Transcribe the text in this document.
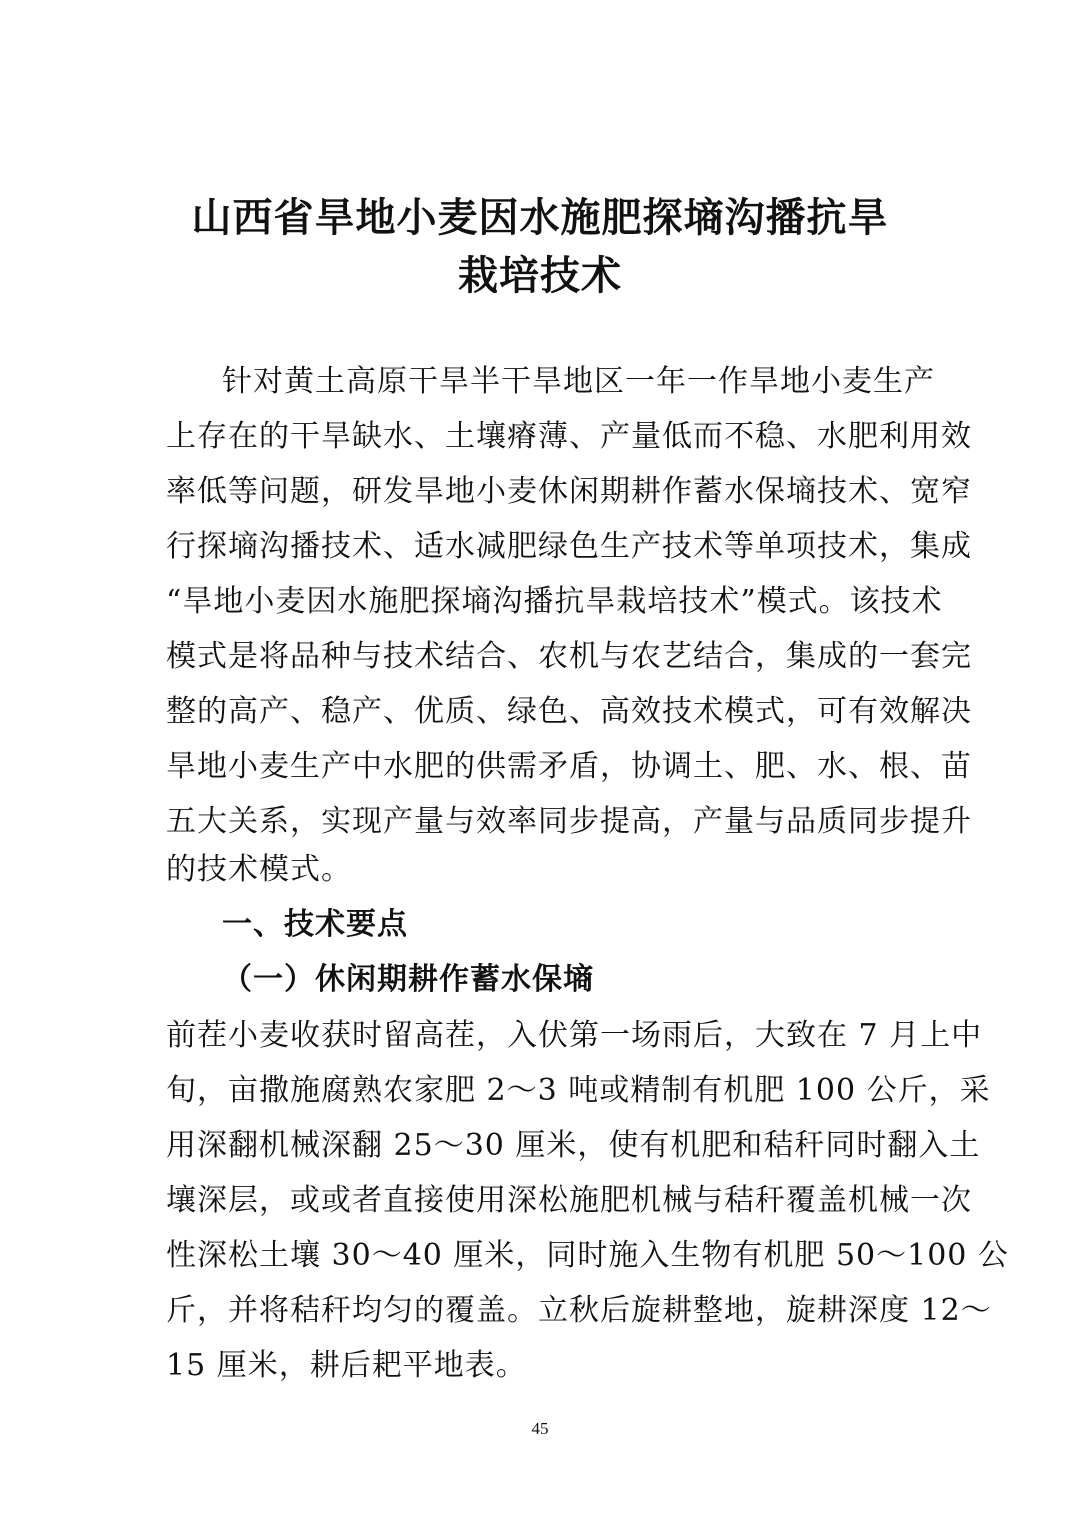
山西省旱地小麦因水施肥探墒沟播抗旱
栽培技术

针对黄土高原干旱半干旱地区一年一作旱地小麦生产

上存在的干旱缺水、土壤瘠薄、产量低而不稳、水肥利用效

率低等问题，研发旱地小麦休闲期耕作蓄水保墒技术、宽窄

行探墒沟播技术、适水减肥绿色生产技术等单项技术，集成

“旱地小麦因水施肥探墒沟播抗旱栽培技术”模式。该技术

模式是将品种与技术结合、农机与农艺结合，集成的一套完

整的高产、稳产、优质、绿色、高效技术模式，可有效解决

旱地小麦生产中水肥的供需矛盾，协调土、肥、水、根、苗

五大关系，实现产量与效率同步提高，产量与品质同步提升

的技术模式。

一、技术要点
（一）休闲期耕作蓄水保墒

前茬小麦收获时留高茬，入伏第一场雨后，大致在 7 月上中

旬，亩撒施腐熟农家肥 2～3 吨或精制有机肥 100 公斤，采

用深翻机械深翻 25～30 厘米，使有机肥和秸秆同时翻入土

壤深层，或或者直接使用深松施肥机械与秸秆覆盖机械一次

性深松土壤 30～40 厘米，同时施入生物有机肥 50～100 公

斤，并将秸秆均匀的覆盖。立秋后旋耕整地，旋耕深度 12～

15 厘米，耕后耙平地表。

45
